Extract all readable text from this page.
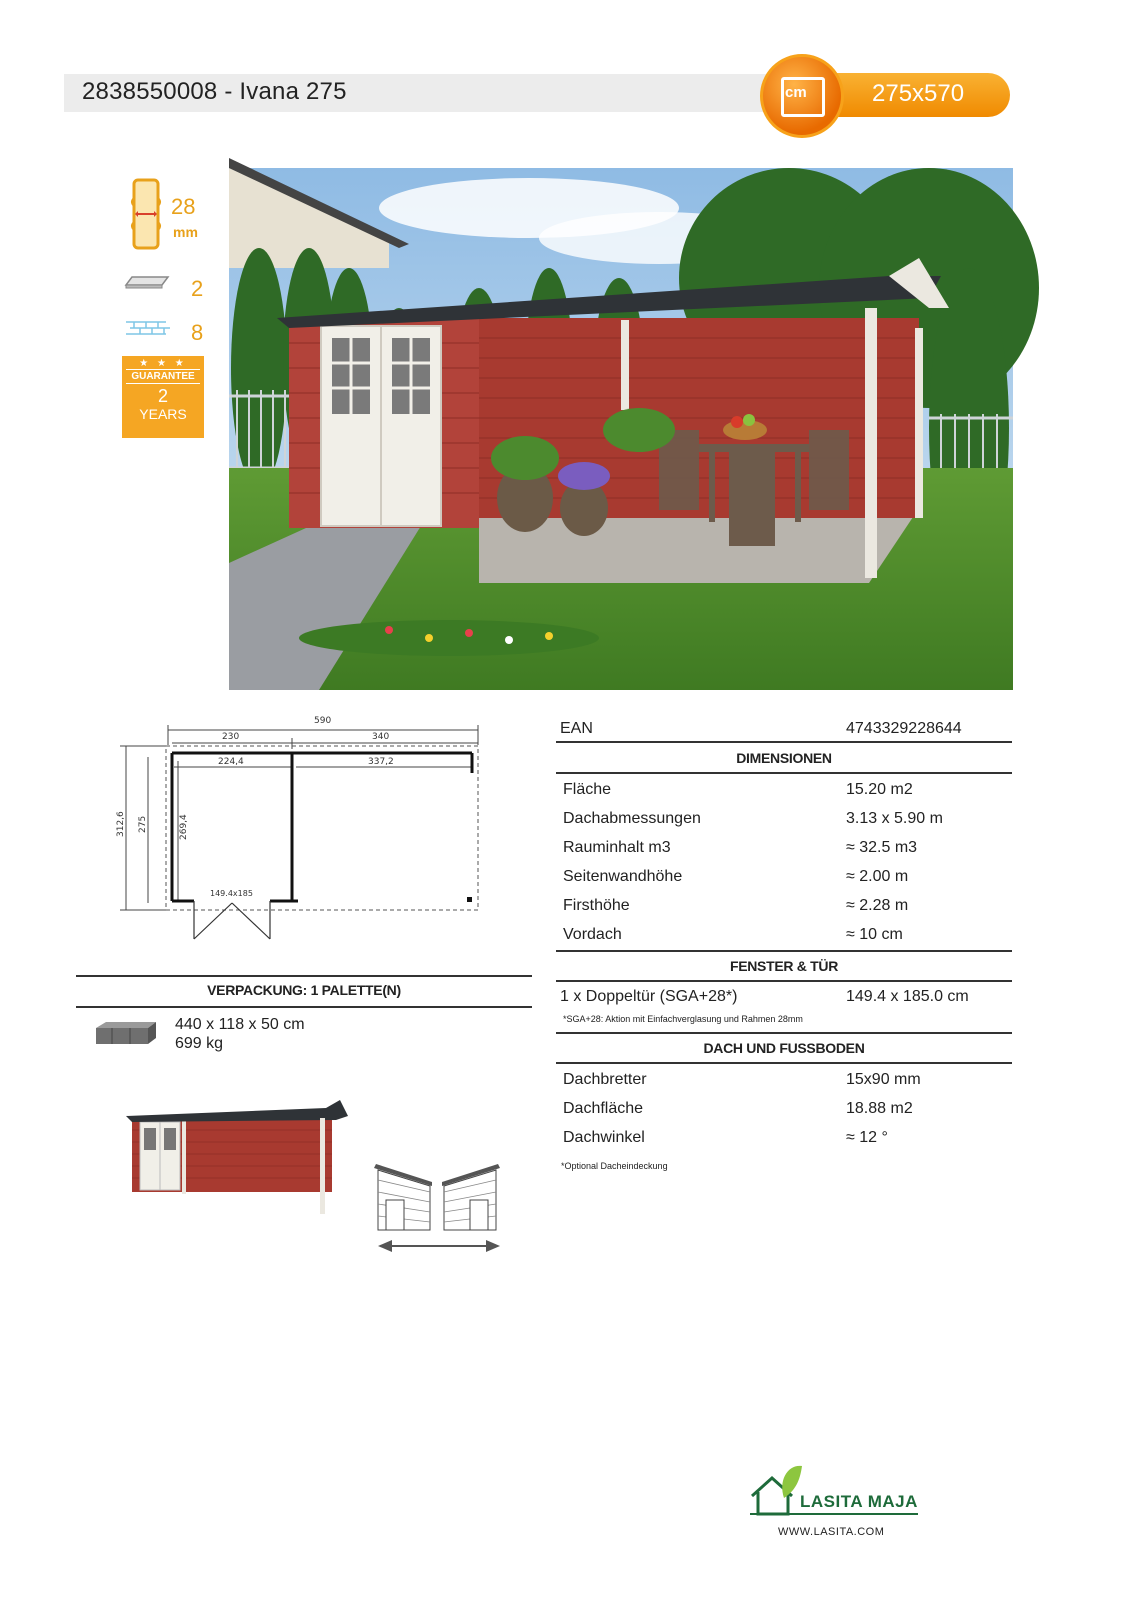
2838550008 - Ivana 275	275x570
cm
28
mm
2
8
★ ★ ★
GUARANTEE
2
YEARS
590
230	340
224,4	337,2
149.4x185
312,6 275	269,4
VERPACKUNG: 1 PALETTE(N)
440 x 118 x 50 cm
699 kg
EAN	4743329228644
DIMENSIONEN
Fläche	15.20 m2
Dachabmessungen	3.13 x 5.90 m
Rauminhalt m3	≈ 32.5 m3
Seitenwandhöhe	≈ 2.00 m
Firsthöhe	≈ 2.28 m
Vordach	≈ 10 cm
FENSTER & TÜR
1 x Doppeltür (SGA+28*)	149.4 x 185.0 cm
*SGA+28: Aktion mit Einfachverglasung und Rahmen 28mm
DACH UND FUSSBODEN
Dachbretter	15x90 mm
Dachfläche	18.88 m2
Dachwinkel	≈ 12 °
*Optional Dacheindeckung
LASITA MAJA
WWW.LASITA.COM
